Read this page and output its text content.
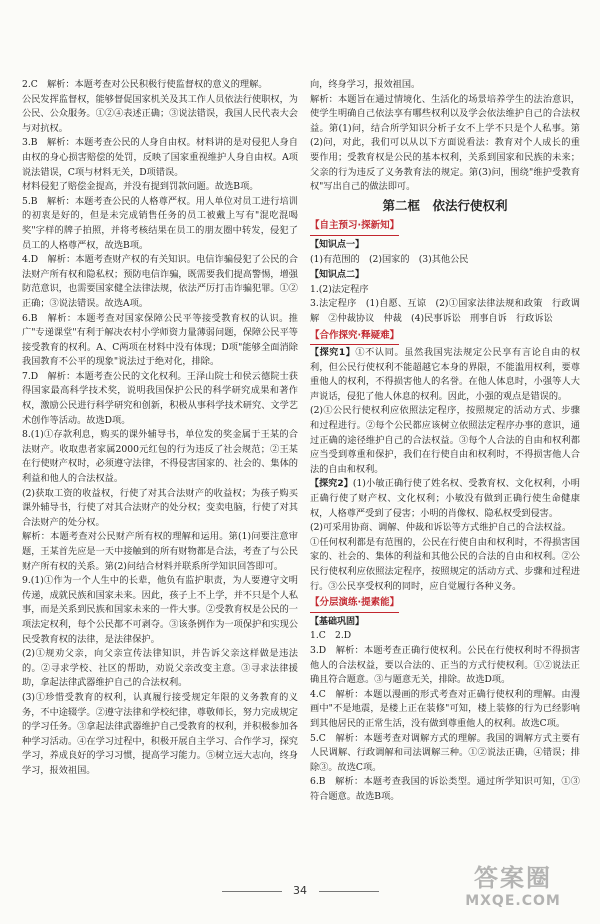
2.C　解析：本题考查对公民积极行使监督权的意义的理解。

公民发挥监督权，能够督促国家机关及其工作人员依法行使职权，为公民、公众服务。①②④表述正确；③说法错误，我国人民代表大会与对抗权。

3.B　解析：本题考查公民的人身自由权。材料讲的是对侵犯人身自由权的身心损害赔偿的处罚，反映了国家重视维护人身自由权。A项说法错误，C项与材料无关，D项错误。

材料侵犯了赔偿金提高，并没有提到罚款问题。故选B项。

5.B　解析：本题考查公民的人格尊严权。用人单位对员工进行培训的初衷是好的，但是未完成销售任务的员工被戴上写有"混吃混喝奖"字样的牌子拍照，并将考核结果在员工的朋友圈中转发，侵犯了员工的人格尊严权，故选B项。

4.D　解析：本题考查财产权的有关知识。电信诈骗侵犯了公民的合法财产所有权和隐私权；预防电信诈骗，既需要我们提高警惕，增强防范意识，也需要国家健全法律法规，依法严厉打击诈骗犯罪。①②正确；③说法错误。故选A项。

6.B　解析：本题考查对国家保障公民平等接受教育权的认识。推广"专递课堂"有利于解决农村小学师资力量薄弱问题，保障公民平等接受教育的权利。A、C两项在材料中没有体现；D项"能够全面消除我国教育不公平的现象"说法过于绝对化，排除。

7.D　解析：本题考查公民的文化权利。王泽山院士和侯云德院士获得国家最高科学技术奖，说明我国保护公民的科学研究成果和著作权，激励公民进行科学研究和创新，积极从事科学技术研究、文学艺术创作等活动。故选D项。

8.(1)①存款利息，购买的课外辅导书，单位发的奖金属于王某的合法财产。收取患者家属2000元红包的行为违反了社会规范；②王某在行使财产权时，必须遵守法律，不得侵害国家的、社会的、集体的利益和他人的合法权益。

(2)获取工资的收益权，行使了对其合法财产的收益权；为孩子购买课外辅导书，行使了对其合法财产的处分权；变卖电脑，行使了对其合法财产的处分权。

解析：本题考查对公民财产所有权的理解和运用。第(1)问要注意审题，王某首先应是一天中接触到的所有财物都是合法，考查了与公民财产所有权的关系。第(2)问结合材料并联系所学知识回答即可。

9.(1)①作为一个人生中的长辈，他负有监护职责，为人要遵守文明传递，成就民族和国家未来。因此，孩子上不上学，并不只是个人私事，而是关系到民族和国家未来的一件大事。②受教育权是公民的一项法定权利，每个公民都不可剥夺。③该条例作为一项保护和实现公民受教育权的法律，是法律保护。

(2)①规劝父亲，向父亲宣传法律知识，并告诉父亲这样做是违法的。②寻求学校、社区的帮助，劝说父亲改变主意。③寻求法律援助，拿起法律武器维护自己的合法权利。

(3)①珍惜受教育的权利，认真履行接受规定年限的义务教育的义务，不中途辍学。②遵守法律和学校纪律，尊敬师长，努力完成规定的学习任务。③拿起法律武器维护自己受教育的权利，并积极参加各种学习活动。④在学习过程中，积极开展自主学习、合作学习，探究学习，养成良好的学习习惯，提高学习能力。⑤树立远大志向，终身学习，报效祖国。

向，终身学习，报效祖国。

解析：本题旨在通过情境化、生活化的场景培养学生的法治意识，使学生明确自己依法享有哪些权利以及学会依法维护自己的合法权益。第(1)问，结合所学知识分析子女不上学不只是个人私事。第(2)问，对此，我们可以从以下方面说看法：教育对个人成长的重要作用；受教育权是公民的基本权利，关系到国家和民族的未来；父亲的行为违反了义务教育法的规定。第(3)问，围绕"维护受教育权"写出自己的做法即可。

第二框　依法行使权利
【自主预习·探新知】
【知识点一】

(1)有范围的　(2)国家的　(3)其他公民

【知识点二】

1.(2)法定程序

3.法定程序　(1)自愿、互谅　(2)①国家法律法规和政策　行政调解　②仲裁协议　仲裁　(4)民事诉讼　刑事自诉　行政诉讼

【合作探究·释疑难】

【探究1】①不认同。虽然我国宪法规定公民享有言论自由的权利，但公民行使权利不能超越它本身的界限，不能滥用权利，要尊重他人的权利，不得损害他人的名誉。在他人体息时，小强等人大声说话，侵犯了他人休息的权利。因此，小强的观点是错误的。

(2)①公民行使权利应依照法定程序，按照规定的活动方式、步骤和过程进行。②每个公民都应该树立依照法定程序办事的意识，通过正确的途径维护自己的合法权益。③每个人合法的自由和权利都应当受到尊重和保护，我们在行使自由和权利时，不得损害他人合法的自由和权利。

【探究2】(1)小敏正确行使了姓名权、受教育权、文化权利，小明正确行使了财产权、文化权利；小敏没有做到正确行使生命健康权，人格尊严受到了侵害；小明的肖像权、隐私权受到侵害。

(2)可采用协商、调解、仲裁和诉讼等方式维护自己的合法权益。

①任何权利都是有范围的，公民在行使自由和权利时，不得损害国家的、社会的、集体的利益和其他公民的合法的自由和权利。②公民行使权利应依照法定程序，按照规定的活动方式、步骤和过程进行。③公民享受权利的同时，应自觉履行各种义务。

【分层演练·提素能】
【基础巩固】

1.C　2.D

3.D　解析：本题考查正确行使权利。公民在行使权利时不得损害他人的合法权益，要以合法的、正当的方式行使权利。①②说法正确且符合题意。③与题意无关，排除。故选D项。

4.C　解析：本题以漫画的形式考查对正确行使权利的理解。由漫画中"不是地震，是楼上正在装修"可知，楼上装修的行为已经影响到其他居民的正常生活，没有做到尊重他人的权利。故选C项。

5.C　解析：本题考查对调解方式的理解。我国的调解方式主要有人民调解、行政调解和司法调解三种。①②说法正确，④错误；排除③。故选C项。

6.B　解析：本题考查我国的诉讼类型。通过所学知识可知，①③符合题意。故选B项。

34	答案圈
MXQE.COM
